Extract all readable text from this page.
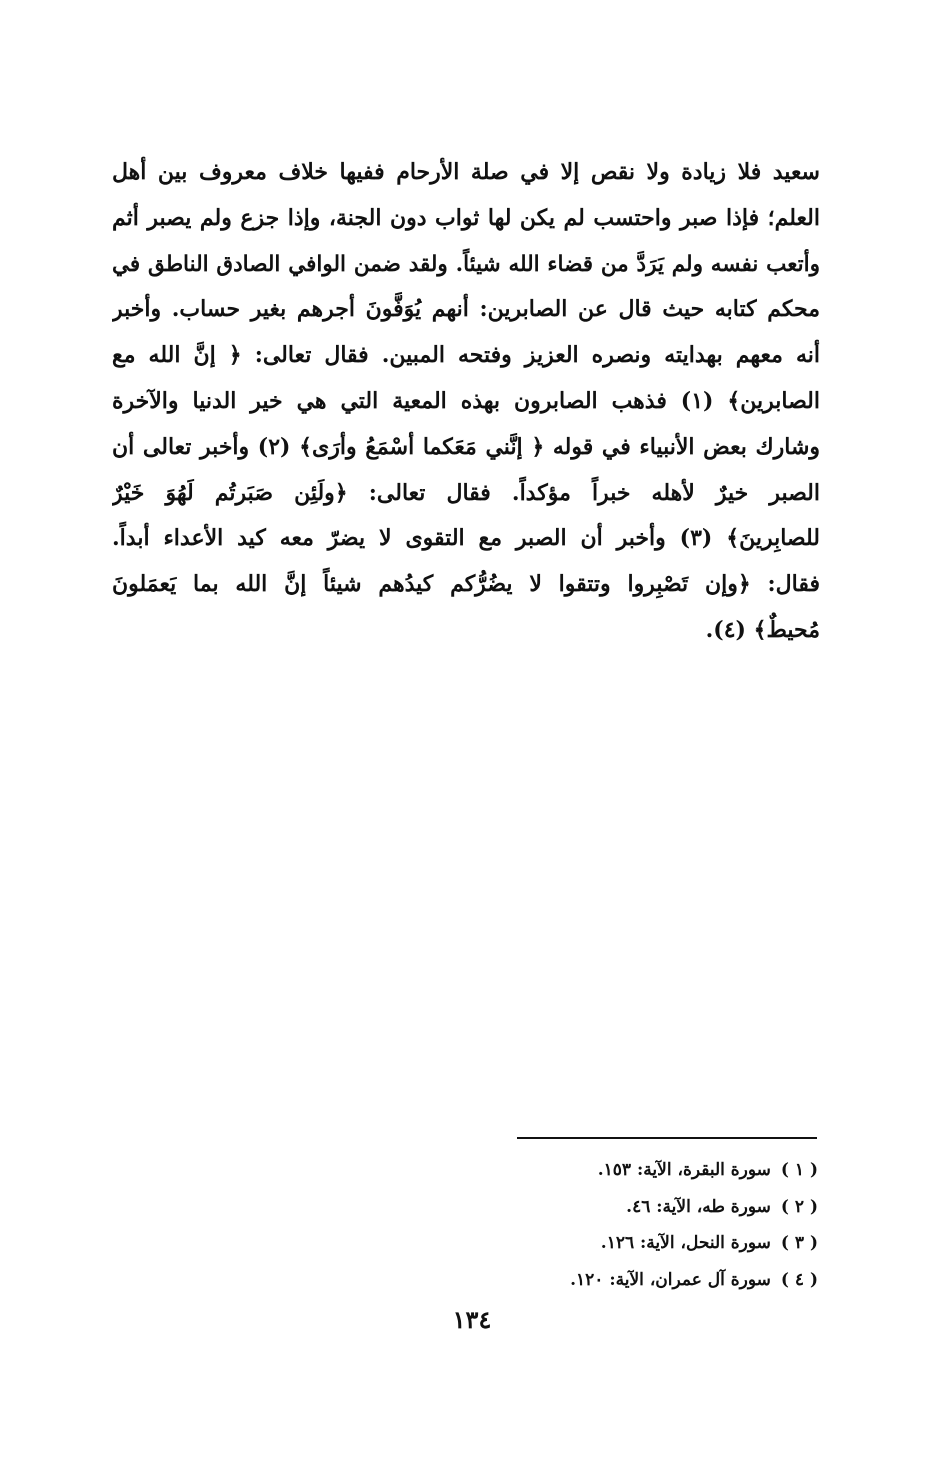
سعيد فلا زيادة ولا نقص إلا في صلة الأرحام ففيها خلاف معروف بين أهل
العلم؛ فإذا صبر واحتسب لم يكن لها ثواب دون الجنة، وإذا جزع ولم يصبر أثم
وأتعب نفسه ولم يَرَدَّ من قضاء الله شيئاً. ولقد ضمن الوافي الصادق الناطق في
محكم كتابه حيث قال عن الصابرين: أنهم يُوَفَّونَ أجرهم بغير حساب. وأخبر
أنه معهم بهدايته ونصره العزيز وفتحه المبين. فقال تعالى: ﴿ إنَّ الله مع
الصابرين﴾ (١) فذهب الصابرون بهذه المعية التي هي خير الدنيا والآخرة
وشارك بعض الأنبياء في قوله ﴿ إنَّني مَعَكما أسْمَعُ وأرَى﴾ (٢) وأخبر تعالى أن
الصبر خيرٌ لأهله خبراً مؤكداً. فقال تعالى: ﴿ولَئِن صَبَرتُم لَهُوَ خَيْرٌ
للصابِرينَ﴾ (٣) وأخبر أن الصبر مع التقوى لا يضرّ معه كيد الأعداء أبداً.
فقال: ﴿وإن تَصْبِروا وتتقوا لا يضُرُّكم كيدُهم شيئاً إنَّ الله بما يَعمَلونَ
مُحيطٌ﴾ (٤).
( ١ )سورة البقرة، الآية: ١٥٣.
( ٢ )سورة طه، الآية: ٤٦.
( ٣ )سورة النحل، الآية: ١٢٦.
( ٤ )سورة آل عمران، الآية: ١٢٠.
١٣٤
